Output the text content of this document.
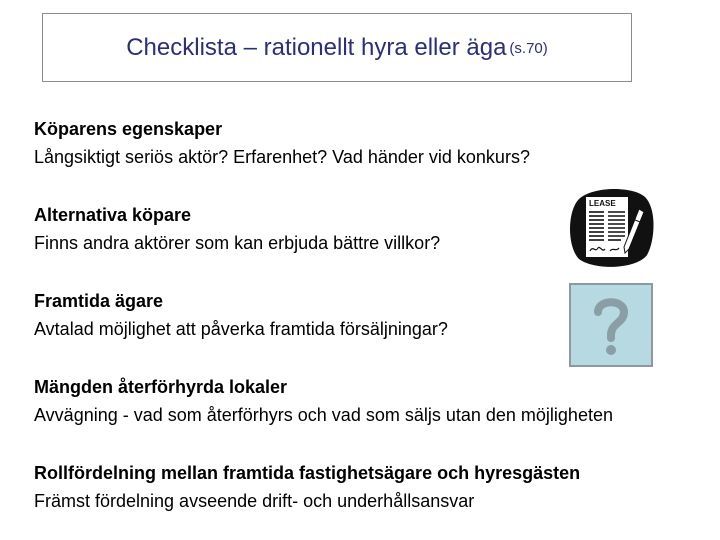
Checklista – rationellt hyra eller äga (s.70)
Köparens egenskaper
Långsiktigt seriös aktör? Erfarenhet? Vad händer vid konkurs?
Alternativa köpare
Finns andra aktörer som kan erbjuda bättre villkor?
Framtida ägare
Avtalad möjlighet att påverka framtida försäljningar?
Mängden återförhyrda lokaler
Avvägning - vad som återförhyrs och vad som säljs utan den möjligheten
Rollfördelning mellan framtida fastighetsägare och hyresgästen
Främst fördelning avseende drift- och underhållsansvar
LEASE
